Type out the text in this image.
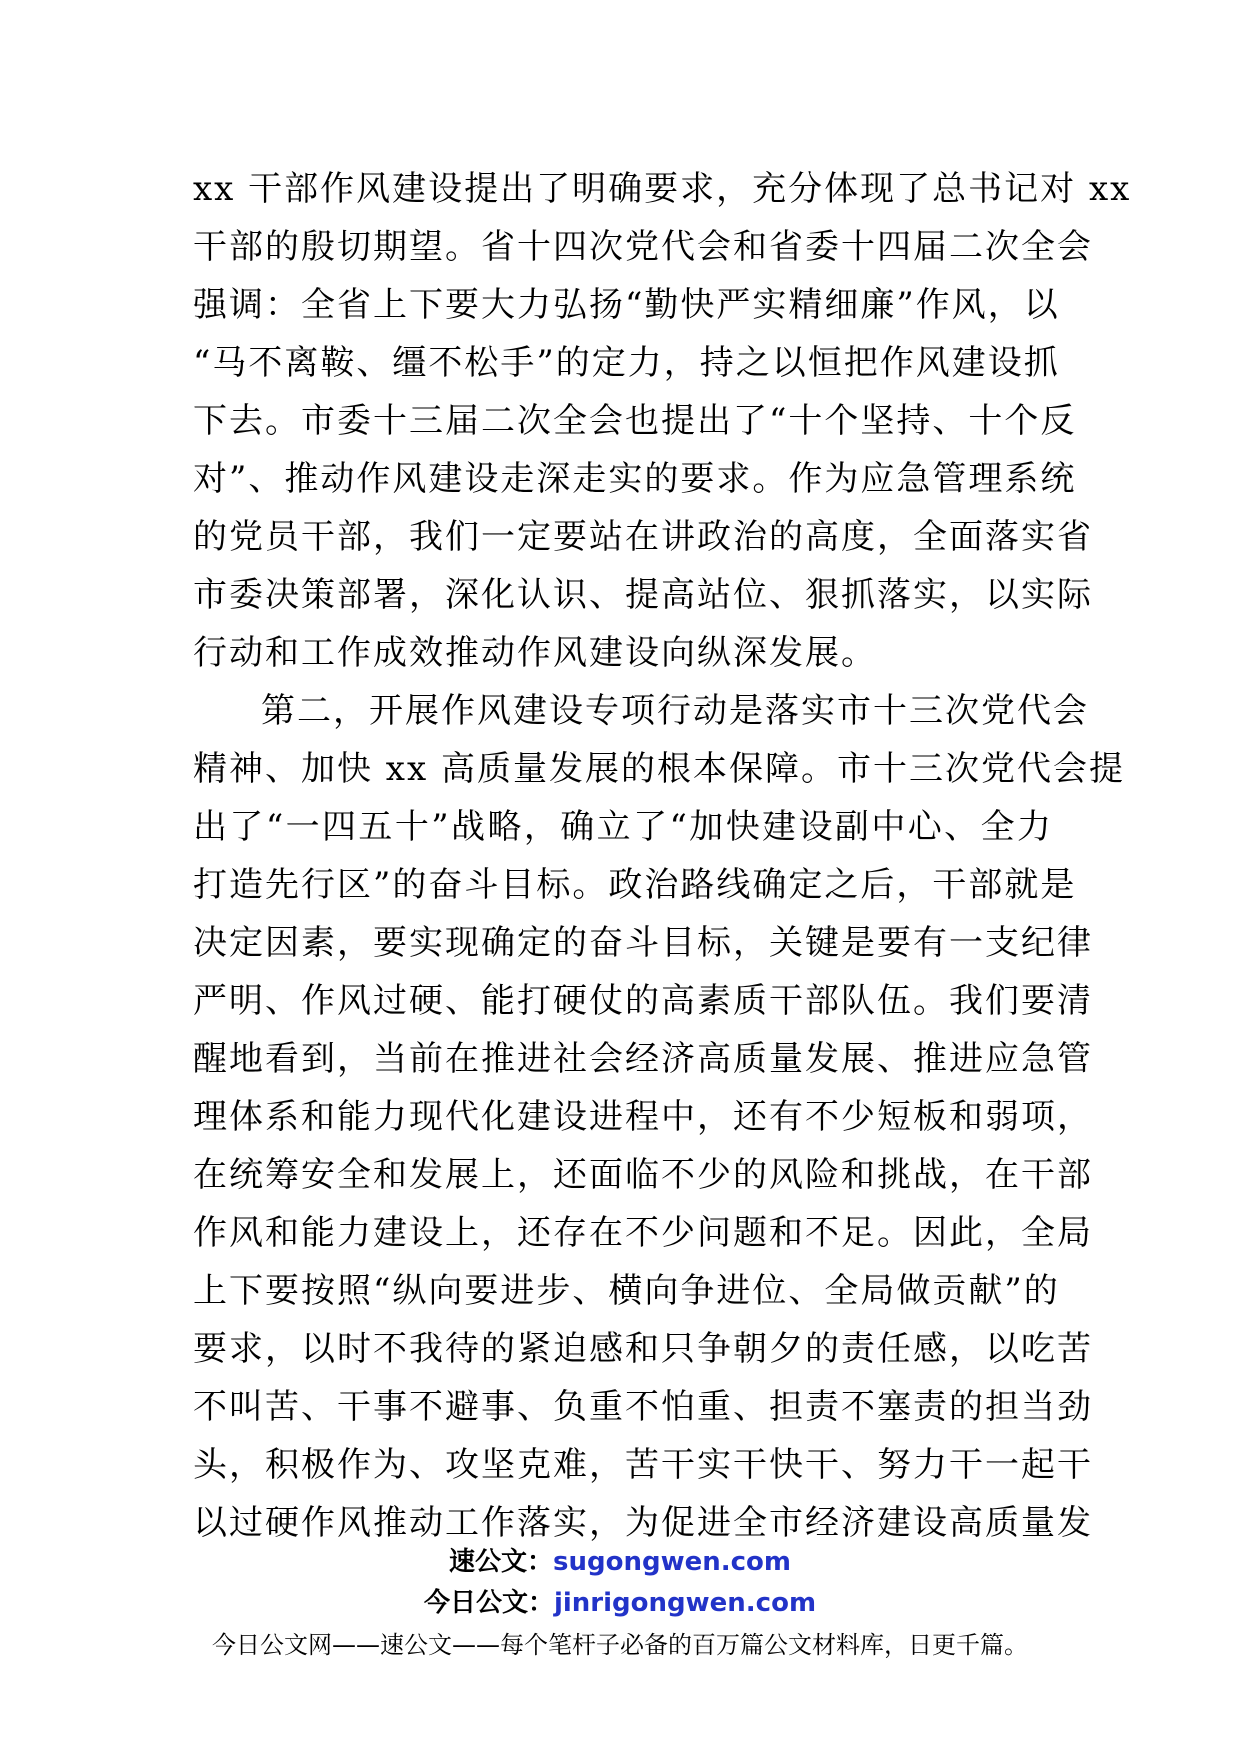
xx 干部作风建设提出了明确要求，充分体现了总书记对 xx
干部的殷切期望。省十四次党代会和省委十四届二次全会
强调：全省上下要大力弘扬“勤快严实精细廉”作风，以
“马不离鞍、缰不松手”的定力，持之以恒把作风建设抓
下去。市委十三届二次全会也提出了“十个坚持、十个反
对”、推动作风建设走深走实的要求。作为应急管理系统
的党员干部，我们一定要站在讲政治的高度，全面落实省
市委决策部署，深化认识、提高站位、狠抓落实，以实际
行动和工作成效推动作风建设向纵深发展。
第二，开展作风建设专项行动是落实市十三次党代会
精神、加快 xx 高质量发展的根本保障。市十三次党代会提
出了“一四五十”战略，确立了“加快建设副中心、全力
打造先行区”的奋斗目标。政治路线确定之后，干部就是
决定因素，要实现确定的奋斗目标，关键是要有一支纪律
严明、作风过硬、能打硬仗的高素质干部队伍。我们要清
醒地看到，当前在推进社会经济高质量发展、推进应急管
理体系和能力现代化建设进程中，还有不少短板和弱项，
在统筹安全和发展上，还面临不少的风险和挑战，在干部
作风和能力建设上，还存在不少问题和不足。因此，全局
上下要按照“纵向要进步、横向争进位、全局做贡献”的
要求，以时不我待的紧迫感和只争朝夕的责任感，以吃苦
不叫苦、干事不避事、负重不怕重、担责不塞责的担当劲
头，积极作为、攻坚克难，苦干实干快干、努力干一起干
以过硬作风推动工作落实，为促进全市经济建设高质量发
速公文：sugongwen.com
今日公文：jinrigongwen.com
今日公文网——速公文——每个笔杆子必备的百万篇公文材料库，日更千篇。
